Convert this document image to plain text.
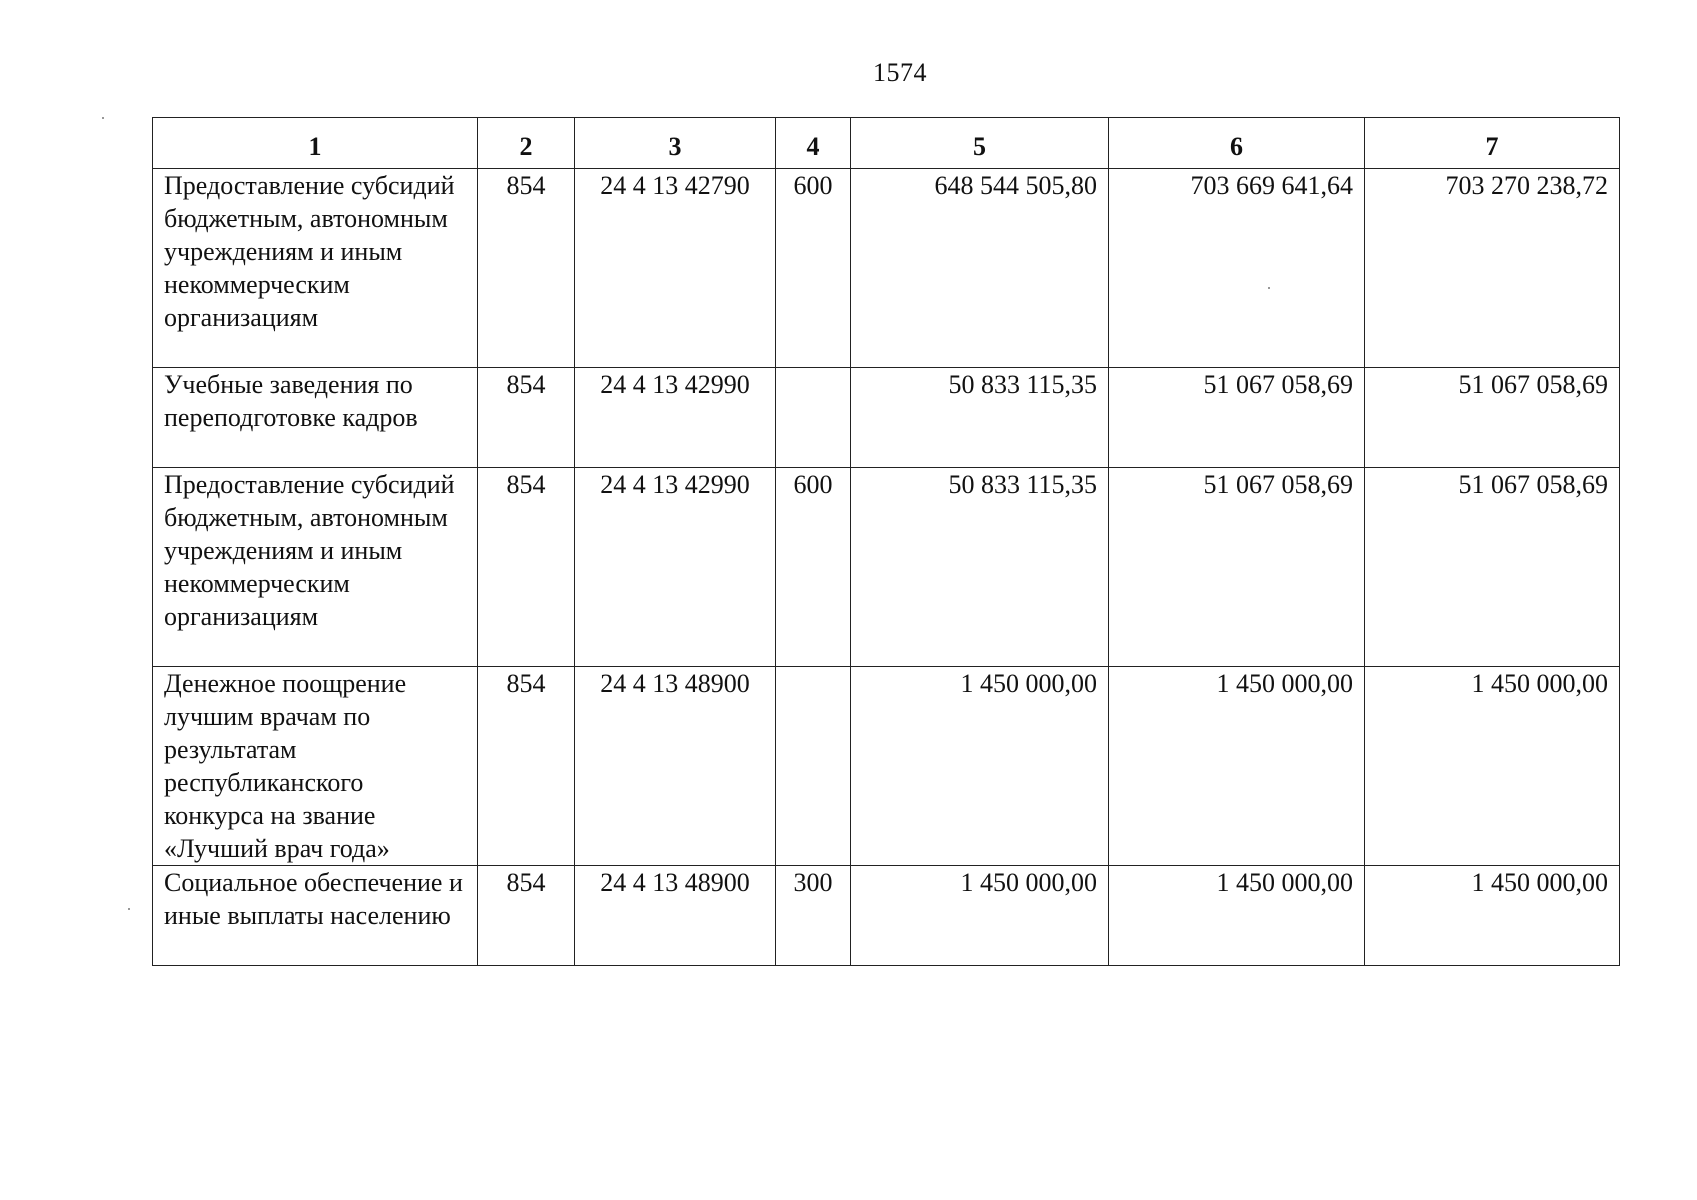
1574
1	2	3	4	5	6	7
Предоставление субсидий бюджетным, автономным учреждениям и иным некоммерческим организациям	854	24 4 13 42790	600	648 544 505,80	703 669 641,64	703 270 238,72
Учебные заведения по переподготовке кадров	854	24 4 13 42990		50 833 115,35	51 067 058,69	51 067 058,69
Предоставление субсидий бюджетным, автономным учреждениям и иным некоммерческим организациям	854	24 4 13 42990	600	50 833 115,35	51 067 058,69	51 067 058,69
Денежное поощрение лучшим врачам по результатам республиканского конкурса на звание «Лучший врач года»	854	24 4 13 48900		1 450 000,00	1 450 000,00	1 450 000,00
Социальное обеспечение и иные выплаты населению	854	24 4 13 48900	300	1 450 000,00	1 450 000,00	1 450 000,00
